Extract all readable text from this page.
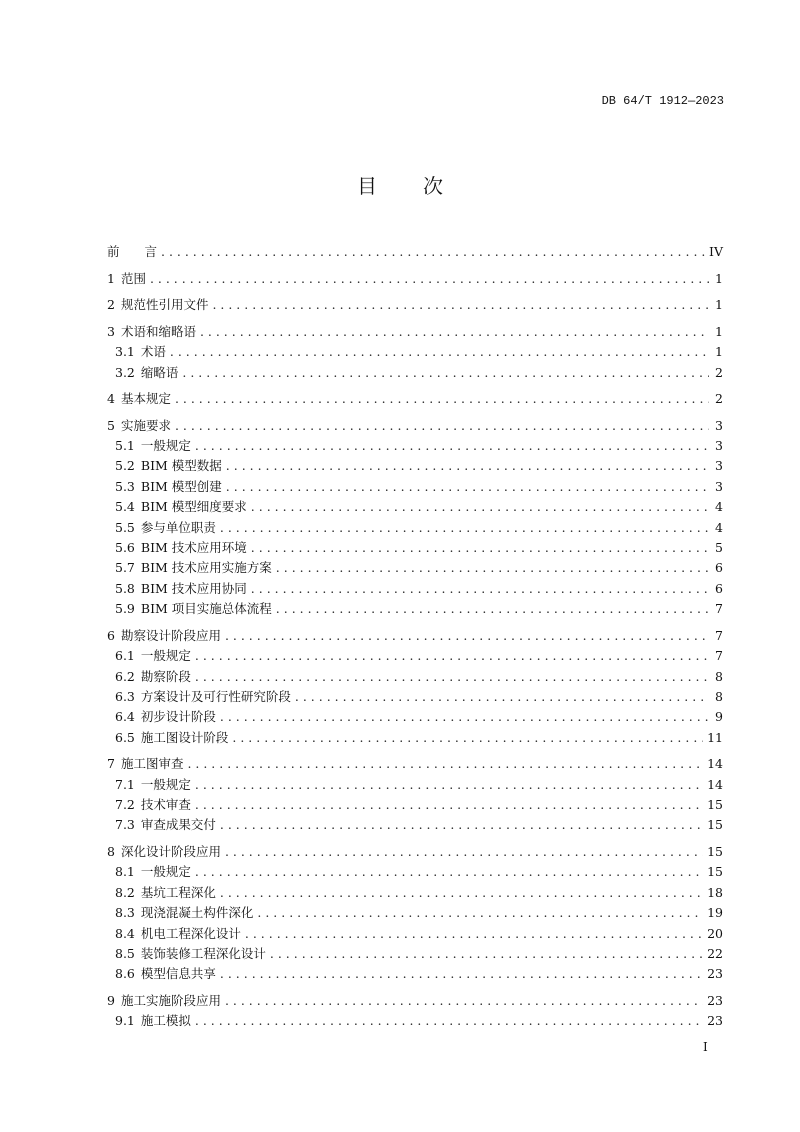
DB 64/T 1912—2023
目 次
前　　言 . . .	IV
1 范围 . . .	1
2 规范性引用文件 . . .	1
3 术语和缩略语 . . .	1
3.1 术语 . . .	1
3.2 缩略语 . . .	2
4 基本规定 . . .	2
5 实施要求 . . .	3
5.1 一般规定 . . .	3
5.2 BIM 模型数据 . . .	3
5.3 BIM 模型创建 . . .	3
5.4 BIM 模型细度要求 . . .	4
5.5 参与单位职责 . . .	4
5.6 BIM 技术应用环境 . . .	5
5.7 BIM 技术应用实施方案 . . .	6
5.8 BIM 技术应用协同 . . .	6
5.9 BIM 项目实施总体流程 . . .	7
6 勘察设计阶段应用 . . .	7
6.1 一般规定 . . .	7
6.2 勘察阶段 . . .	8
6.3 方案设计及可行性研究阶段 . . .	8
6.4 初步设计阶段 . . .	9
6.5 施工图设计阶段 . . .	11
7 施工图审查 . . .	14
7.1 一般规定 . . .	14
7.2 技术审查 . . .	15
7.3 审查成果交付 . . .	15
8 深化设计阶段应用 . . .	15
8.1 一般规定 . . .	15
8.2 基坑工程深化 . . .	18
8.3 现浇混凝土构件深化 . . .	19
8.4 机电工程深化设计 . . .	20
8.5 装饰装修工程深化设计 . . .	22
8.6 模型信息共享 . . .	23
9 施工实施阶段应用 . . .	23
9.1 施工模拟 . . .	23
I
